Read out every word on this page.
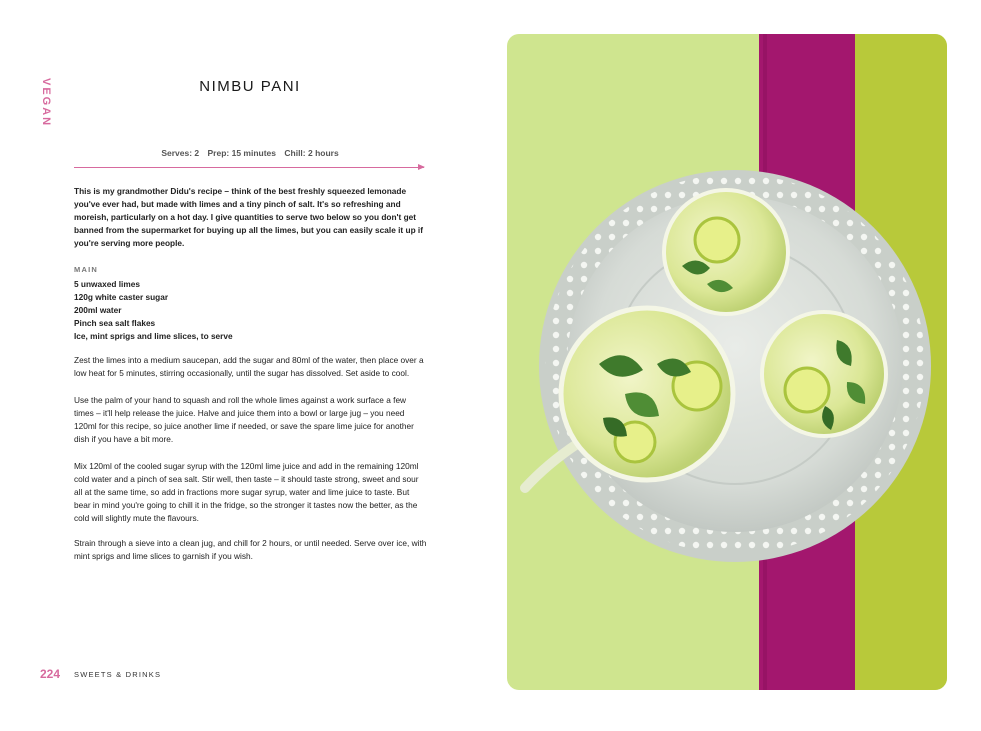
VEGAN	NIMBU PANI
Serves: 2 Prep: 15 minutes Chill: 2 hours
This is my grandmother Didu's recipe – think of the best freshly squeezed lemonade you've ever had, but made with limes and a tiny pinch of salt. It's so refreshing and moreish, particularly on a hot day. I give quantities to serve two below so you don't get banned from the supermarket for buying up all the limes, but you can easily scale it up if you're serving more people.
MAIN
5 unwaxed limes
120g white caster sugar
200ml water
Pinch sea salt flakes
Ice, mint sprigs and lime slices, to serve
Zest the limes into a medium saucepan, add the sugar and 80ml of the water, then place over a low heat for 5 minutes, stirring occasionally, until the sugar has dissolved. Set aside to cool.
Use the palm of your hand to squash and roll the whole limes against a work surface a few times – it'll help release the juice. Halve and juice them into a bowl or large jug – you need 120ml for this recipe, so juice another lime if needed, or save the spare lime juice for another dish if you have a bit more.
Mix 120ml of the cooled sugar syrup with the 120ml lime juice and add in the remaining 120ml cold water and a pinch of sea salt. Stir well, then taste – it should taste strong, sweet and sour all at the same time, so add in fractions more sugar syrup, water and lime juice to taste. But bear in mind you're going to chill it in the fridge, so the stronger it tastes now the better, as the cold will slightly mute the flavours.
Strain through a sieve into a clean jug, and chill for 2 hours, or until needed. Serve over ice, with mint sprigs and lime slices to garnish if you wish.
224 SWEETS & DRINKS
